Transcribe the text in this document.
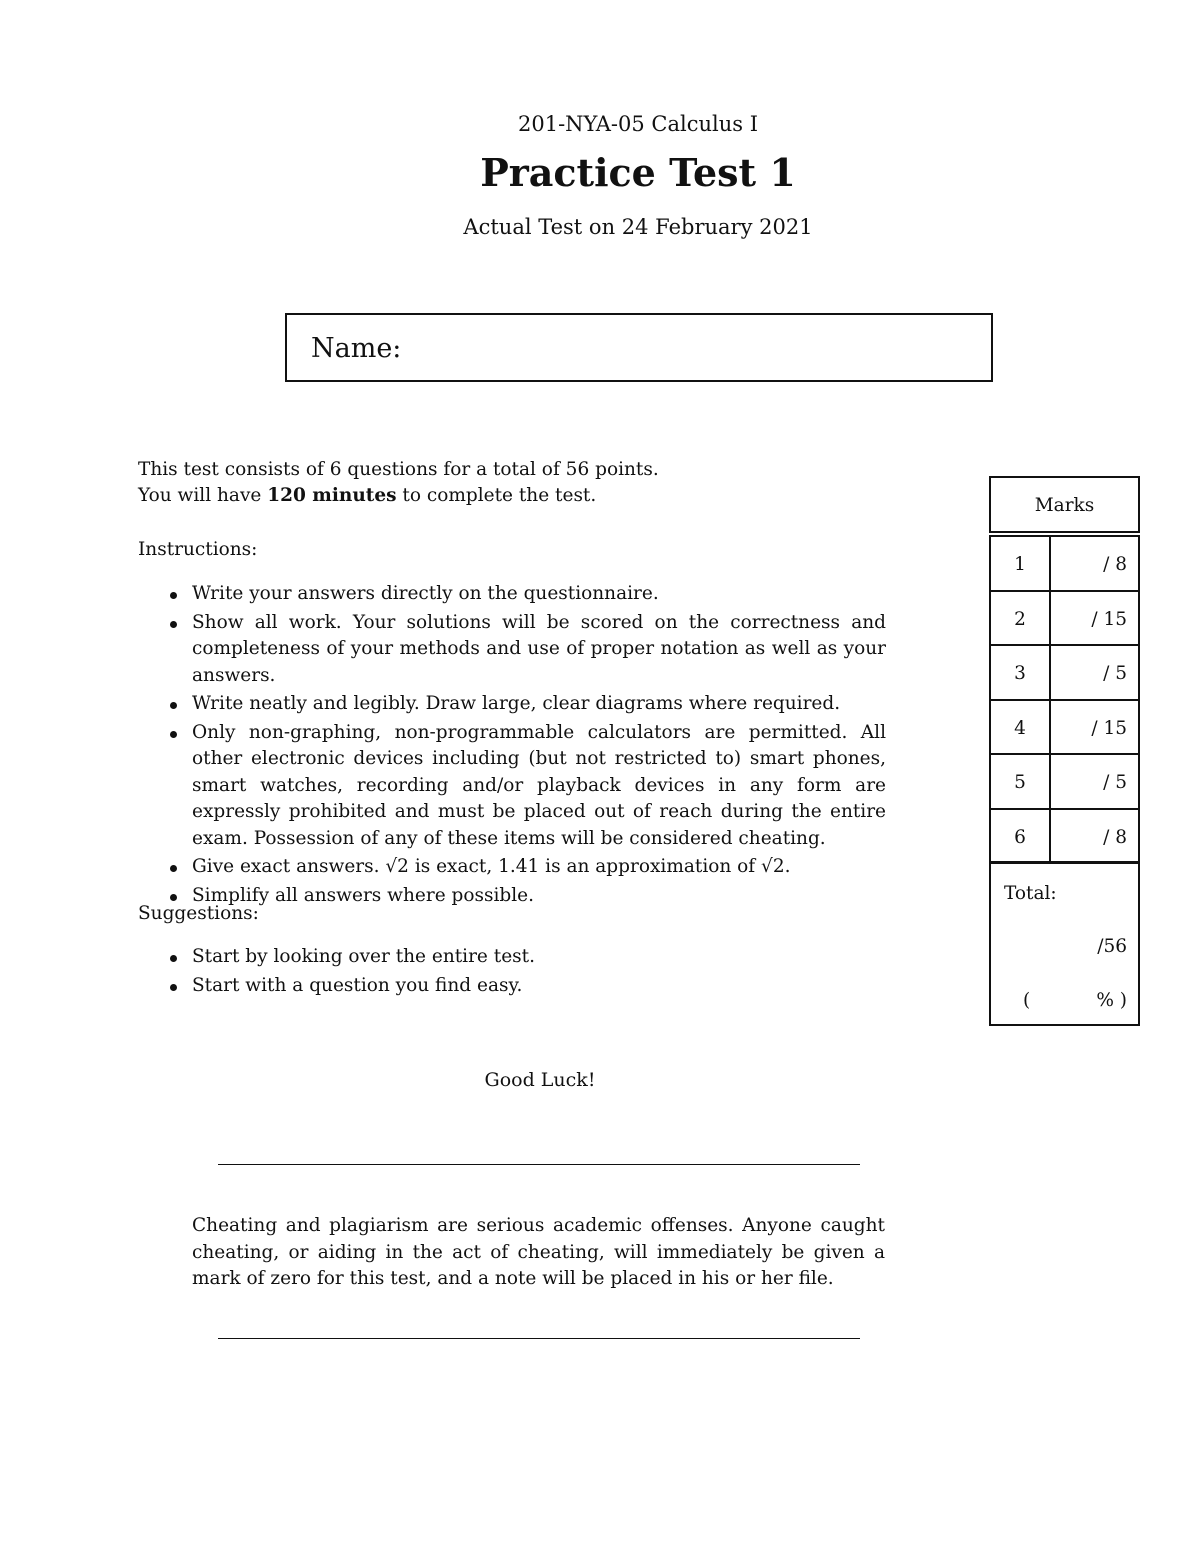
201-NYA-05 Calculus I
Practice Test 1
Actual Test on 24 February 2021
Name:
This test consists of 6 questions for a total of 56 points.
You will have 120 minutes to complete the test.
Instructions:
Write your answers directly on the questionnaire.
Show all work. Your solutions will be scored on the correctness and completeness of your methods and use of proper notation as well as your answers.
Write neatly and legibly. Draw large, clear diagrams where required.
Only non-graphing, non-programmable calculators are permitted. All other electronic devices including (but not restricted to) smart phones, smart watches, recording and/or playback devices in any form are expressly prohibited and must be placed out of reach during the entire exam. Possession of any of these items will be considered cheating.
Give exact answers. √2 is exact, 1.41 is an approximation of √2.
Simplify all answers where possible.
Suggestions:
Start by looking over the entire test.
Start with a question you find easy.
Good Luck!
Cheating and plagiarism are serious academic offenses. Anyone caught cheating, or aiding in the act of cheating, will immediately be given a mark of zero for this test, and a note will be placed in his or her file.
Marks
1	/ 8
2	/ 15
3	/ 5
4	/ 15
5	/ 5
6	/ 8
Total:
/56
(	% )
